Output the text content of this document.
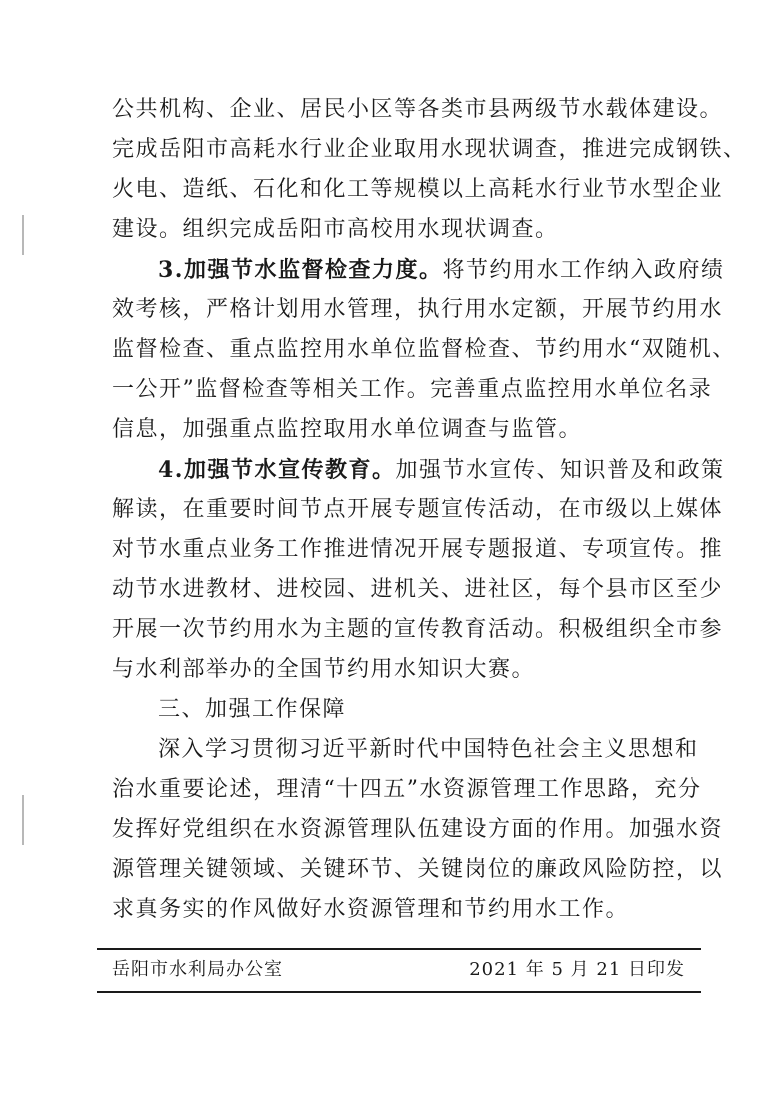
公共机构、企业、居民小区等各类市县两级节水载体建设。
完成岳阳市高耗水行业企业取用水现状调查，推进完成钢铁、
火电、造纸、石化和化工等规模以上高耗水行业节水型企业
建设。组织完成岳阳市高校用水现状调查。
3.加强节水监督检查力度。将节约用水工作纳入政府绩
效考核，严格计划用水管理，执行用水定额，开展节约用水
监督检查、重点监控用水单位监督检查、节约用水“双随机、
一公开”监督检查等相关工作。完善重点监控用水单位名录
信息，加强重点监控取用水单位调查与监管。
4.加强节水宣传教育。加强节水宣传、知识普及和政策
解读，在重要时间节点开展专题宣传活动，在市级以上媒体
对节水重点业务工作推进情况开展专题报道、专项宣传。推
动节水进教材、进校园、进机关、进社区，每个县市区至少
开展一次节约用水为主题的宣传教育活动。积极组织全市参
与水利部举办的全国节约用水知识大赛。
三、加强工作保障
深入学习贯彻习近平新时代中国特色社会主义思想和
治水重要论述，理清“十四五”水资源管理工作思路，充分
发挥好党组织在水资源管理队伍建设方面的作用。加强水资
源管理关键领域、关键环节、关键岗位的廉政风险防控，以
求真务实的作风做好水资源管理和节约用水工作。
岳阳市水利局办公室	2021 年 5 月 21 日印发
